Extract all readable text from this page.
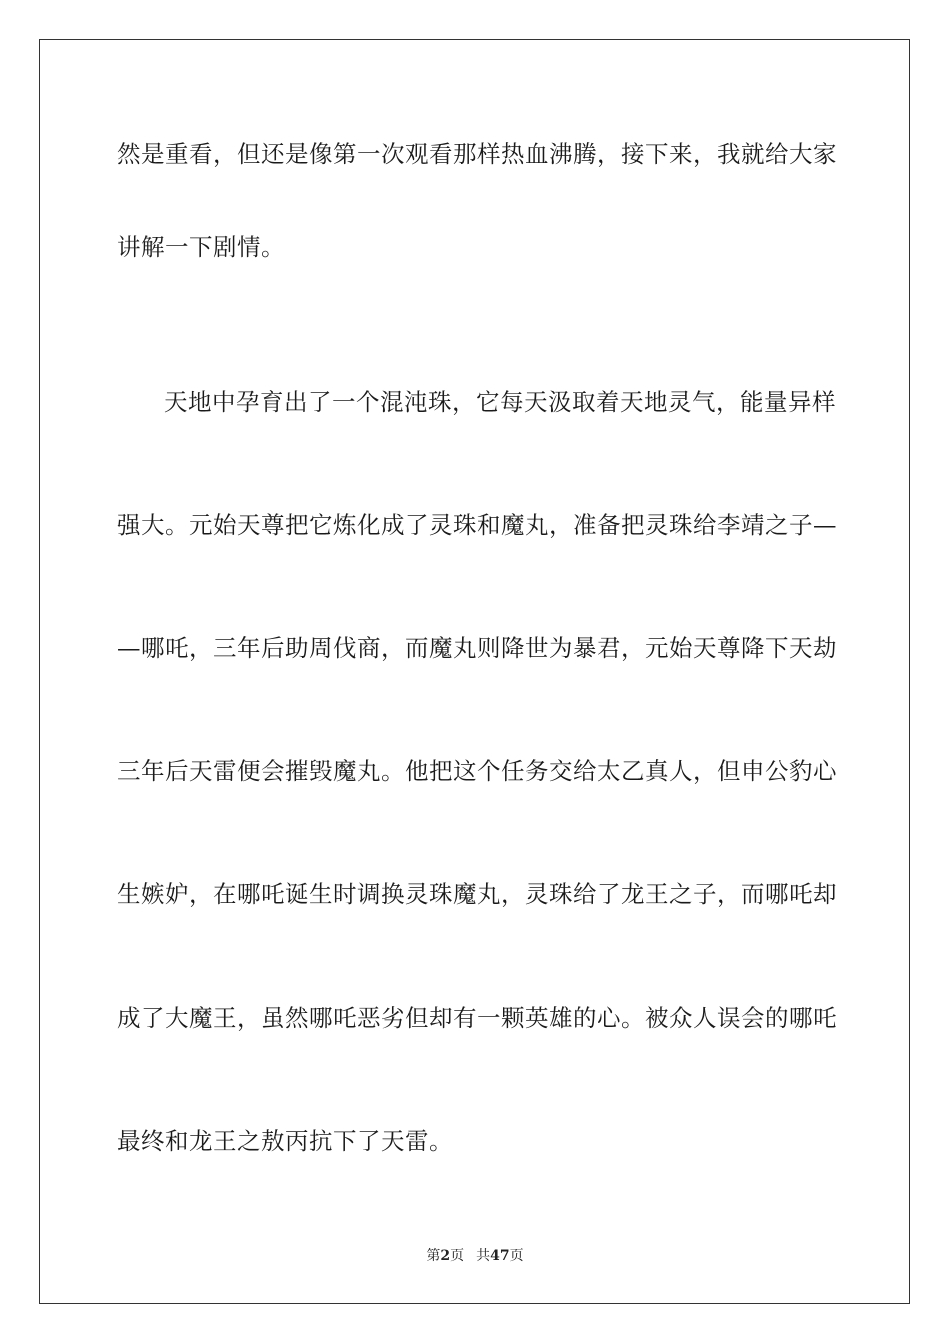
然是重看，但还是像第一次观看那样热血沸腾，接下来，我就给大家
讲解一下剧情。
天地中孕育出了一个混沌珠，它每天汲取着天地灵气，能量异样
强大。元始天尊把它炼化成了灵珠和魔丸，准备把灵珠给李靖之子—
—哪吒，三年后助周伐商，而魔丸则降世为暴君，元始天尊降下天劫
三年后天雷便会摧毁魔丸。他把这个任务交给太乙真人，但申公豹心
生嫉妒，在哪吒诞生时调换灵珠魔丸，灵珠给了龙王之子，而哪吒却
成了大魔王，虽然哪吒恶劣但却有一颗英雄的心。被众人误会的哪吒
最终和龙王之敖丙抗下了天雷。
第2页 共47页
